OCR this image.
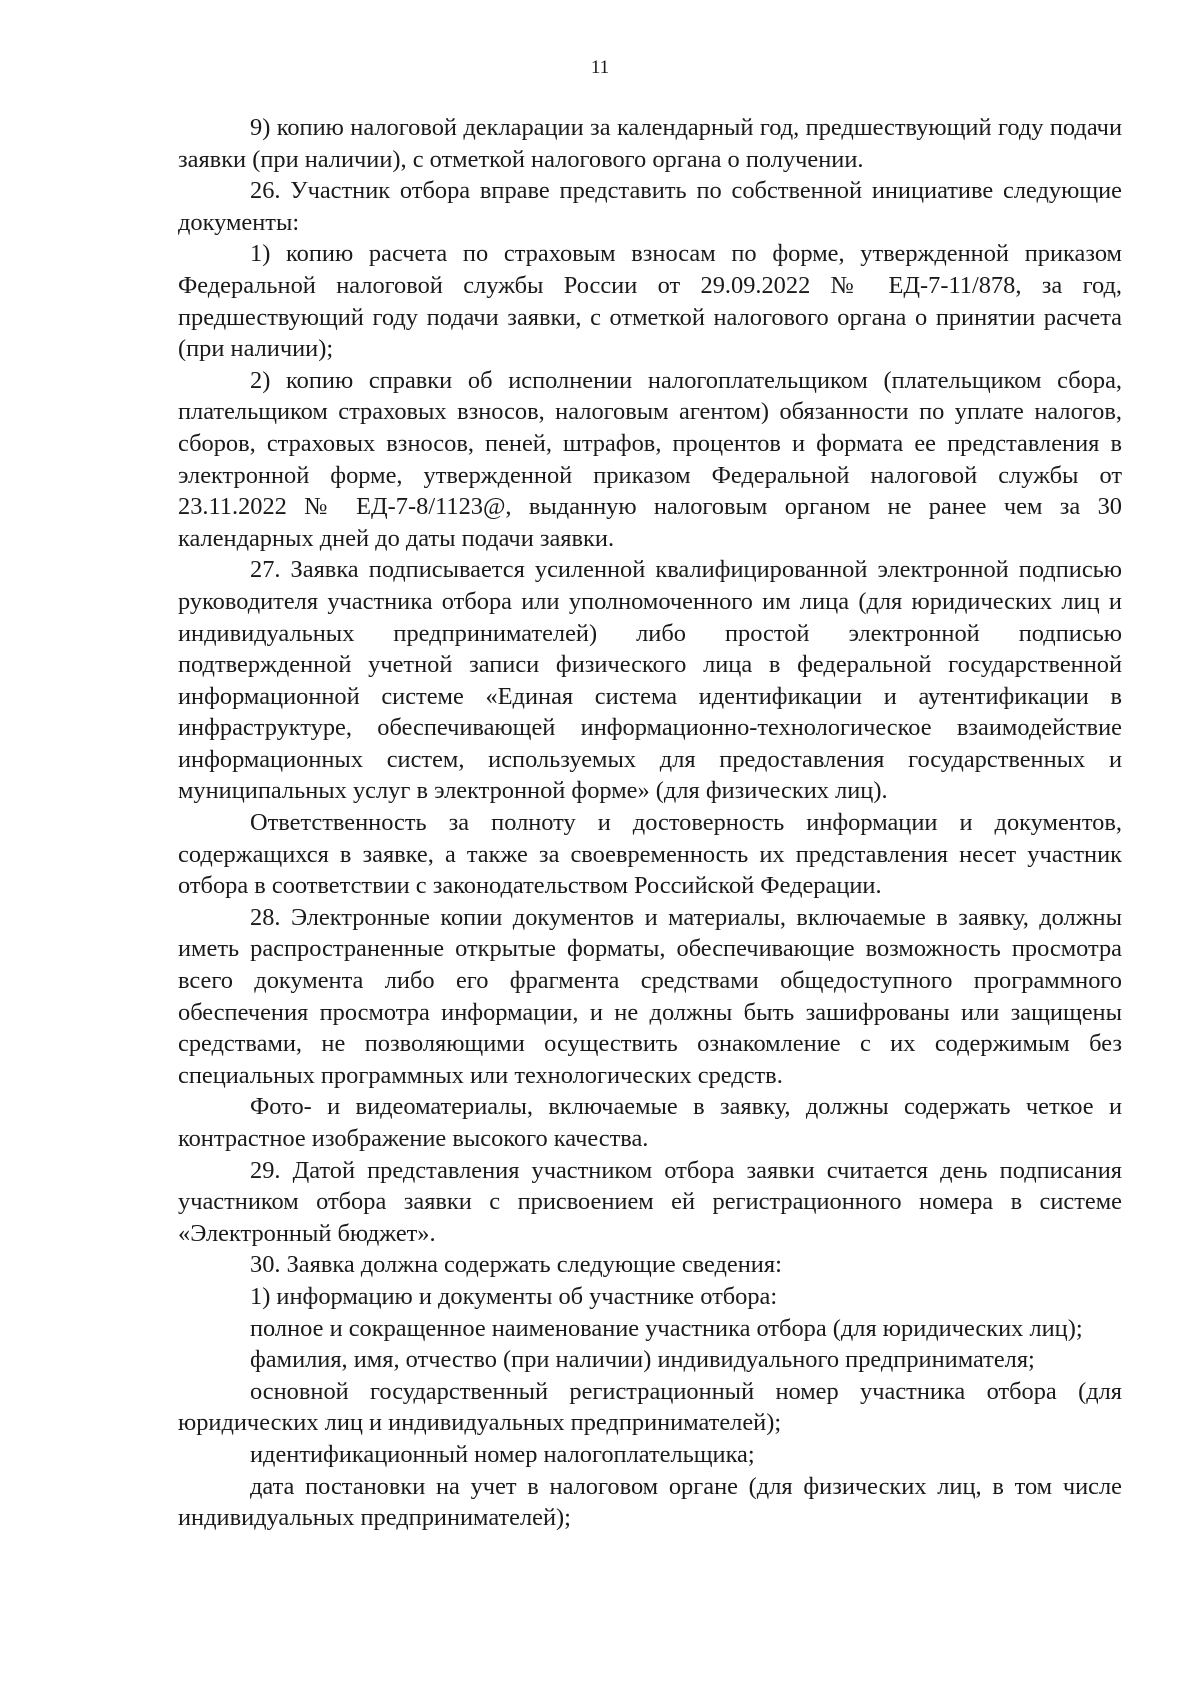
11

9) копию налоговой декларации за календарный год, предшествующий году подачи заявки (при наличии), с отметкой налогового органа о получении.

26. Участник отбора вправе представить по собственной инициативе следующие документы:

1) копию расчета по страховым взносам по форме, утвержденной приказом Федеральной налоговой службы России от 29.09.2022 № ЕД-7-11/878, за год, предшествующий году подачи заявки, с отметкой налогового органа о принятии расчета (при наличии);

2) копию справки об исполнении налогоплательщиком (плательщиком сбора, плательщиком страховых взносов, налоговым агентом) обязанности по уплате налогов, сборов, страховых взносов, пеней, штрафов, процентов и формата ее представления в электронной форме, утвержденной приказом Федеральной налоговой службы от 23.11.2022 № ЕД-7-8/1123@, выданную налоговым органом не ранее чем за 30 календарных дней до даты подачи заявки.

27. Заявка подписывается усиленной квалифицированной электронной подписью руководителя участника отбора или уполномоченного им лица (для юридических лиц и индивидуальных предпринимателей) либо простой электронной подписью подтвержденной учетной записи физического лица в федеральной государственной информационной системе «Единая система идентификации и аутентификации в инфраструктуре, обеспечивающей информационно-технологическое взаимодействие информационных систем, используемых для предоставления государственных и муниципальных услуг в электронной форме» (для физических лиц).

Ответственность за полноту и достоверность информации и документов, содержащихся в заявке, а также за своевременность их представления несет участник отбора в соответствии с законодательством Российской Федерации.

28. Электронные копии документов и материалы, включаемые в заявку, должны иметь распространенные открытые форматы, обеспечивающие возможность просмотра всего документа либо его фрагмента средствами общедоступного программного обеспечения просмотра информации, и не должны быть зашифрованы или защищены средствами, не позволяющими осуществить ознакомление с их содержимым без специальных программных или технологических средств.

Фото- и видеоматериалы, включаемые в заявку, должны содержать четкое и контрастное изображение высокого качества.

29. Датой представления участником отбора заявки считается день подписания участником отбора заявки с присвоением ей регистрационного номера в системе «Электронный бюджет».

30. Заявка должна содержать следующие сведения:

1) информацию и документы об участнике отбора:

полное и сокращенное наименование участника отбора (для юридических лиц);

фамилия, имя, отчество (при наличии) индивидуального предпринимателя;

основной государственный регистрационный номер участника отбора (для юридических лиц и индивидуальных предпринимателей);

идентификационный номер налогоплательщика;

дата постановки на учет в налоговом органе (для физических лиц, в том числе индивидуальных предпринимателей);
